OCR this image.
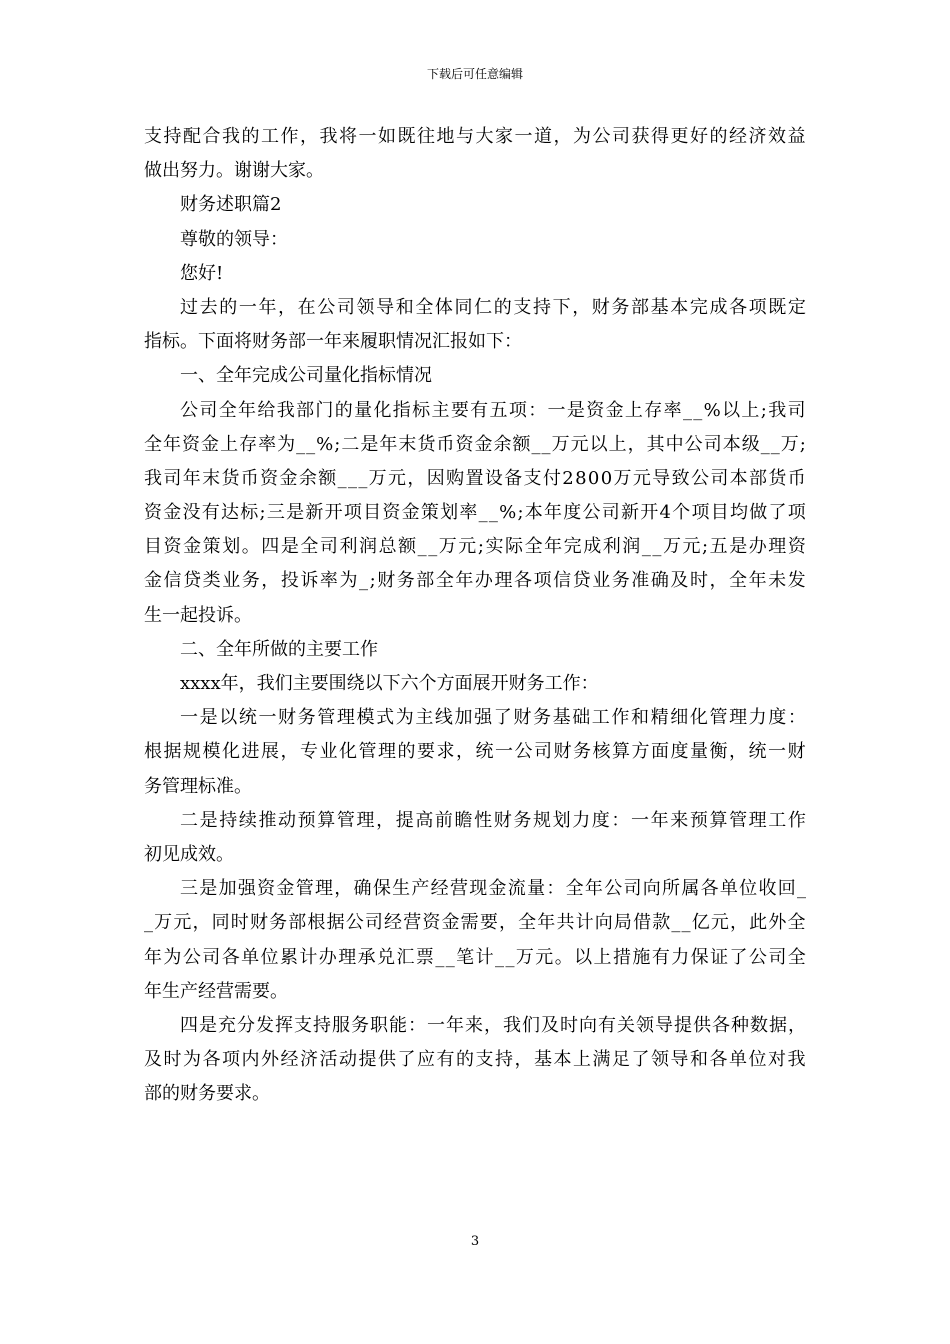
下载后可任意编辑
支 持 配 合 我 的 工 作 ， 我 将 一 如 既 往 地 与 大 家 一 道 ， 为 公 司 获 得 更 好 的 经 济 效 益
做出努力。谢谢大家。
财务述职篇2
尊敬的领导：
您好!
过 去 的 一 年 ， 在 公 司 领 导 和 全 体 同 仁 的 支 持 下 ， 财 务 部 基 本 完 成 各 项 既 定
指标。下面将财务部一年来履职情况汇报如下：
一、全年完成公司量化指标情况
公 司 全 年 给 我 部 门 的 量 化 指 标 主 要 有 五 项 ： 一 是 资 金 上 存 率 _ _ % 以 上 ; 我 司
全 年 资 金 上 存 率 为 _ _ % ; 二 是 年 末 货 币 资 金 余 额 _ _ 万 元 以 上 ， 其 中 公 司 本 级 _ _ 万 ;
我 司 年 末 货 币 资 金 余 额 _ _ _ 万 元 ， 因 购 置 设 备 支 付 2 8 0 0 万 元 导 致 公 司 本 部 货 币
资 金 没 有 达 标 ; 三 是 新 开 项 目 资 金 策 划 率 _ _ % ; 本 年 度 公 司 新 开 4 个 项 目 均 做 了 项
目 资 金 策 划 。 四 是 全 司 利 润 总 额 _ _ 万 元 ; 实 际 全 年 完 成 利 润 _ _ 万 元 ; 五 是 办 理 资
金 信 贷 类 业 务 ， 投 诉 率 为 _ ; 财 务 部 全 年 办 理 各 项 信 贷 业 务 准 确 及 时 ， 全 年 未 发
生一起投诉。
二、全年所做的主要工作
xxxx年，我们主要围绕以下六个方面展开财务工作：
一 是 以 统 一 财 务 管 理 模 式 为 主 线 加 强 了 财 务 基 础 工 作 和 精 细 化 管 理 力 度 ：
根 据 规 模 化 进 展 ， 专 业 化 管 理 的 要 求 ， 统 一 公 司 财 务 核 算 方 面 度 量 衡 ， 统 一 财
务管理标准。
二 是 持 续 推 动 预 算 管 理 ， 提 高 前 瞻 性 财 务 规 划 力 度 ： 一 年 来 预 算 管 理 工 作
初见成效。
三 是 加 强 资 金 管 理 ， 确 保 生 产 经 营 现 金 流 量 ： 全 年 公 司 向 所 属 各 单 位 收 回 _
_ 万 元 ， 同 时 财 务 部 根 据 公 司 经 营 资 金 需 要 ， 全 年 共 计 向 局 借 款 _ _ 亿 元 ， 此 外 全
年 为 公 司 各 单 位 累 计 办 理 承 兑 汇 票 _ _ 笔 计 _ _ 万 元 。 以 上 措 施 有 力 保 证 了 公 司 全
年生产经营需要。
四 是 充 分 发 挥 支 持 服 务 职 能 ： 一 年 来 ， 我 们 及 时 向 有 关 领 导 提 供 各 种 数 据 ，
及 时 为 各 项 内 外 经 济 活 动 提 供 了 应 有 的 支 持 ， 基 本 上 满 足 了 领 导 和 各 单 位 对 我
部的财务要求。
3
